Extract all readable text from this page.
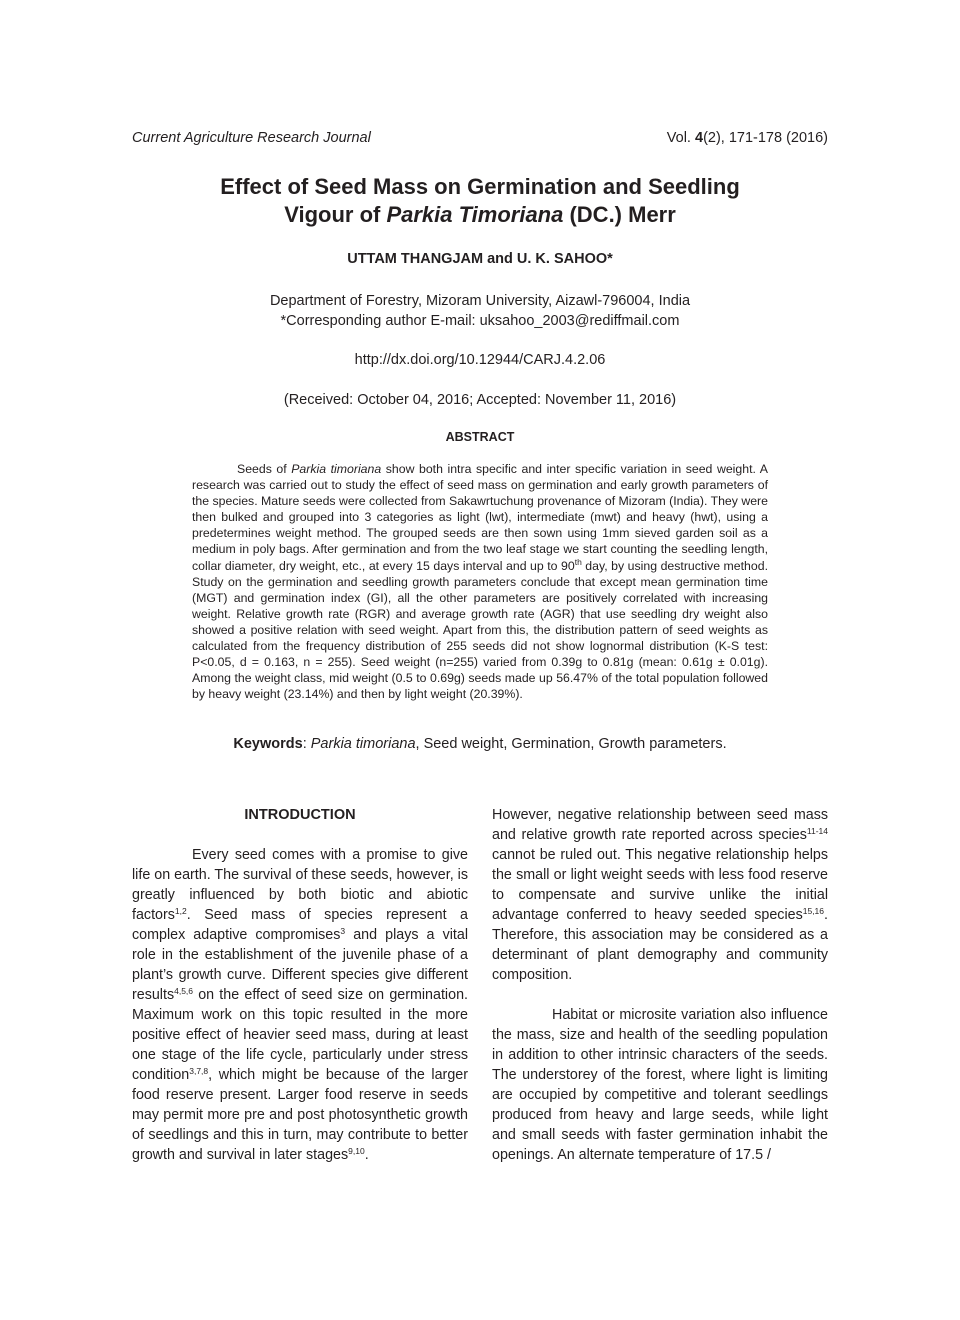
Current Agriculture Research Journal	Vol. 4(2), 171-178 (2016)
Effect of Seed Mass on Germination and Seedling
Vigour of Parkia Timoriana (DC.) Merr
UTTAM THANGJAM and U. K. SAHOO*
Department of Forestry, Mizoram University, Aizawl-796004, India
*Corresponding author E-mail: uksahoo_2003@rediffmail.com
http://dx.doi.org/10.12944/CARJ.4.2.06
(Received: October 04, 2016; Accepted: November 11, 2016)
ABSTRACT

Seeds of Parkia timoriana show both intra specific and inter specific variation in seed weight. A research was carried out to study the effect of seed mass on germination and early growth parameters of the species. Mature seeds were collected from Sakawrtuchung provenance of Mizoram (India). They were then bulked and grouped into 3 categories as light (lwt), intermediate (mwt) and heavy (hwt), using a predetermines weight method. The grouped seeds are then sown using 1mm sieved garden soil as a medium in poly bags. After germination and from the two leaf stage we start counting the seedling length, collar diameter, dry weight, etc., at every 15 days interval and up to 90th day, by using destructive method. Study on the germination and seedling growth parameters conclude that except mean germination time (MGT) and germination index (GI), all the other parameters are positively correlated with increasing weight. Relative growth rate (RGR) and average growth rate (AGR) that use seedling dry weight also showed a positive relation with seed weight. Apart from this, the distribution pattern of seed weights as calculated from the frequency distribution of 255 seeds did not show lognormal distribution (K-S test: P<0.05, d = 0.163, n = 255). Seed weight (n=255) varied from 0.39g to 0.81g (mean: 0.61g ± 0.01g). Among the weight class, mid weight (0.5 to 0.69g) seeds made up 56.47% of the total population followed by heavy weight (23.14%) and then by light weight (20.39%).

Keywords: Parkia timoriana, Seed weight, Germination, Growth parameters.
INTRODUCTION

Every seed comes with a promise to give life on earth. The survival of these seeds, however, is greatly influenced by both biotic and abiotic factors$^{1,2}$. Seed mass of species represent a complex adaptive compromises$^3$ and plays a vital role in the establishment of the juvenile phase of a plant’s growth curve. Different species give different results$^{4,5,6}$ on the effect of seed size on germination. Maximum work on this topic resulted in the more positive effect of heavier seed mass, during at least one stage of the life cycle, particularly under stress condition$^{3,7,8}$, which might be because of the larger food reserve present. Larger food reserve in seeds may permit more pre and post photosynthetic growth of seedlings and this in turn, may contribute to better growth and survival in later stages$^{9,10}$.

However, negative relationship between seed mass and relative growth rate reported across species$^{11-14}$ cannot be ruled out. This negative relationship helps the small or light weight seeds with less food reserve to compensate and survive unlike the initial advantage conferred to heavy seeded species$^{15,16}$. Therefore, this association may be considered as a determinant of plant demography and community composition.

Habitat or microsite variation also influence the mass, size and health of the seedling population in addition to other intrinsic characters of the seeds. The understorey of the forest, where light is limiting are occupied by competitive and tolerant seedlings produced from heavy and large seeds, while light and small seeds with faster germination inhabit the openings. An alternate temperature of 17.5 /
